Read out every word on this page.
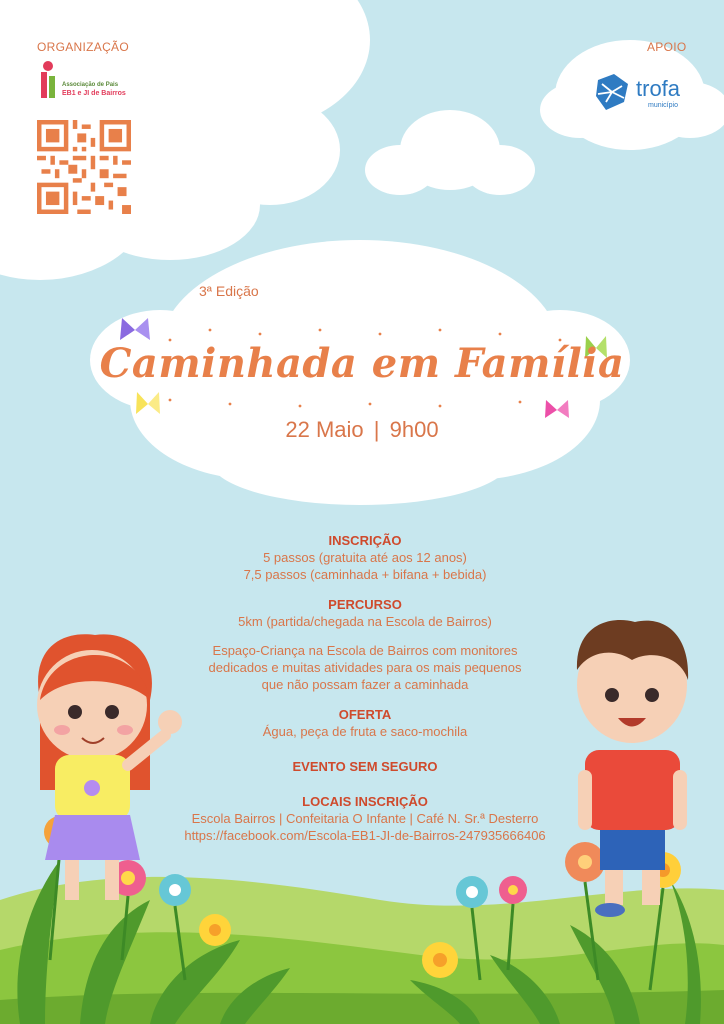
ORGANIZAÇÃO
Associação de Pais
EB1 e JI de Bairros
APOIO
trofa
município
3ª Edição
Caminhada em Família
22 Maio | 9h00
INSCRIÇÃO
5 passos (gratuita até aos 12 anos)
7,5 passos (caminhada + bifana + bebida)
PERCURSO
5km (partida/chegada na Escola de Bairros)
Espaço-Criança na Escola de Bairros com monitores
dedicados e muitas atividades para os mais pequenos
que não possam fazer a caminhada
OFERTA
Água, peça de fruta e saco-mochila
EVENTO SEM SEGURO
LOCAIS INSCRIÇÃO
Escola Bairros | Confeitaria O Infante | Café N. Sr.ª Desterro
https://facebook.com/Escola-EB1-JI-de-Bairros-247935666406
